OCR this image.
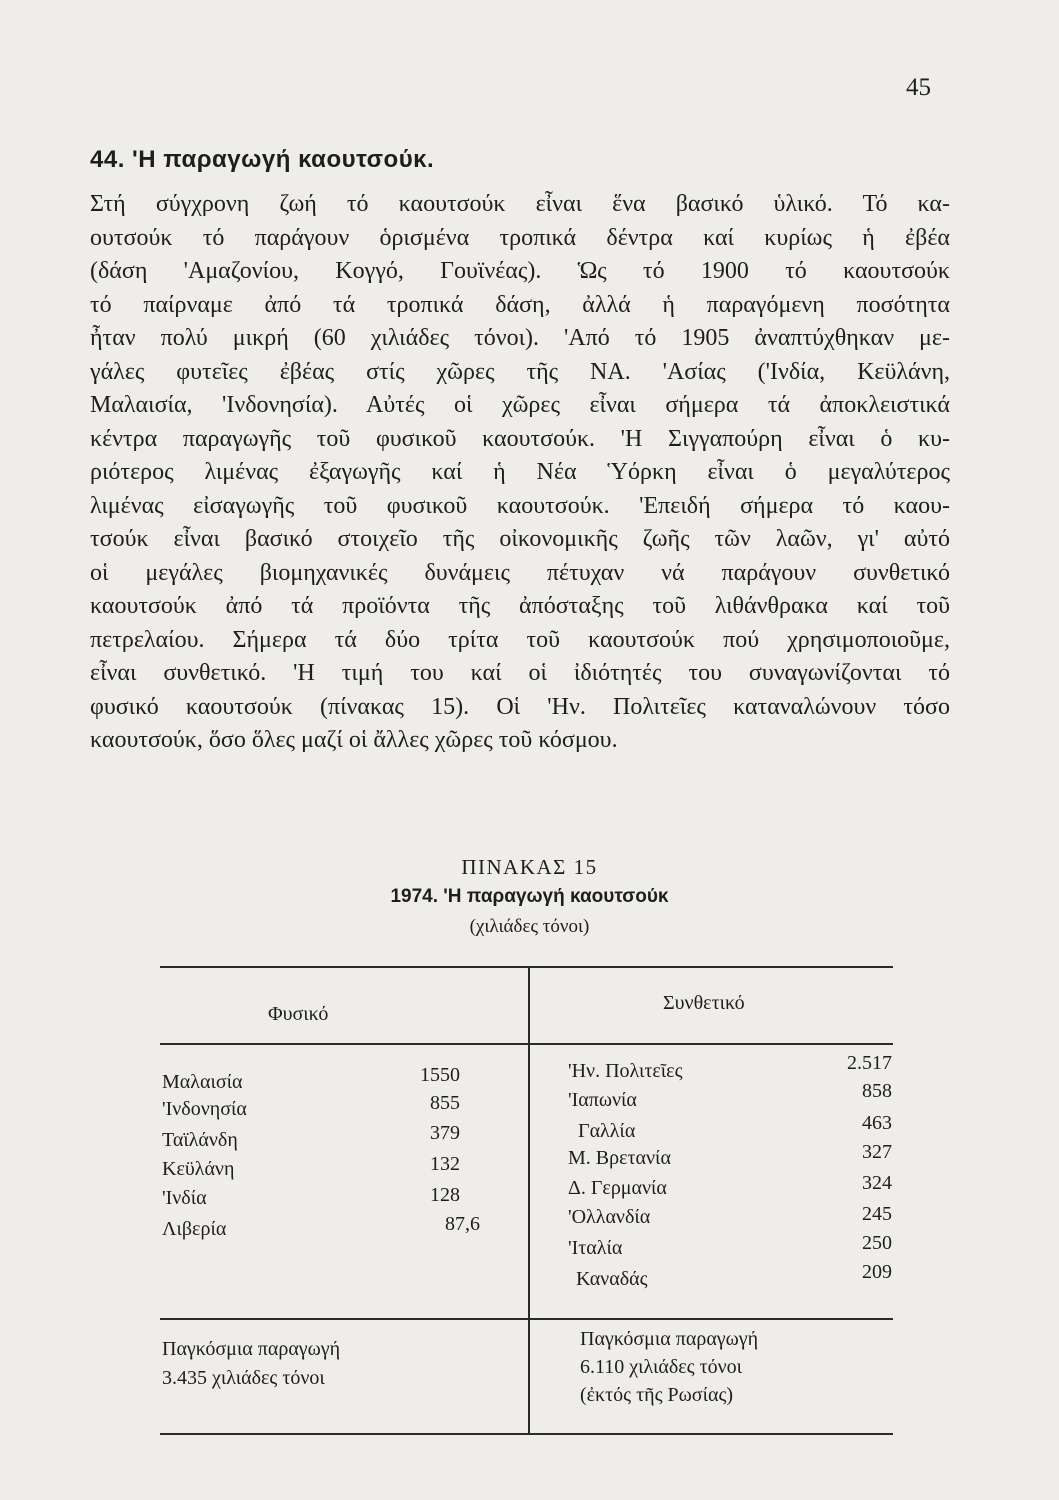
45
44. 'Η παραγωγή καουτσούκ.
Στή σύγχρονη ζωή τό καουτσούκ εἶναι ἕνα βασικό ὑλικό. Τό κα-
ουτσούκ τό παράγουν ὁρισμένα τροπικά δέντρα καί κυρίως ἡ ἐβέα
(δάση 'Αμαζονίου, Κογγό, Γουϊνέας). Ὡς τό 1900 τό καουτσούκ
τό παίρναμε ἀπό τά τροπικά δάση, ἀλλά ἡ παραγόμενη ποσότητα
ἦταν πολύ μικρή (60 χιλιάδες τόνοι). 'Από τό 1905 ἀναπτύχθηκαν με-
γάλες φυτεῖες ἐβέας στίς χῶρες τῆς ΝΑ. 'Ασίας ('Ινδία, Κεϋλάνη,
Μαλαισία, 'Ινδονησία). Αὐτές οἱ χῶρες εἶναι σήμερα τά ἀποκλειστικά
κέντρα παραγωγῆς τοῦ φυσικοῦ καουτσούκ. 'Η Σιγγαπούρη εἶναι ὁ κυ-
ριότερος λιμένας ἐξαγωγῆς καί ἡ Νέα Ὑόρκη εἶναι ὁ μεγαλύτερος
λιμένας εἰσαγωγῆς τοῦ φυσικοῦ καουτσούκ. 'Επειδή σήμερα τό καου-
τσούκ εἶναι βασικό στοιχεῖο τῆς οἰκονομικῆς ζωῆς τῶν λαῶν, γι' αὐτό
οἱ μεγάλες βιομηχανικές δυνάμεις πέτυχαν νά παράγουν συνθετικό
καουτσούκ ἀπό τά προϊόντα τῆς ἀπόσταξης τοῦ λιθάνθρακα καί τοῦ
πετρελαίου. Σήμερα τά δύο τρίτα τοῦ καουτσούκ πού χρησιμοποιοῦμε,
εἶναι συνθετικό. 'Η τιμή του καί οἱ ἰδιότητές του συναγωνίζονται τό
φυσικό καουτσούκ (πίνακας 15). Οἱ 'Ην. Πολιτεῖες καταναλώνουν τόσο
καουτσούκ, ὅσο ὅλες μαζί οἱ ἄλλες χῶρες τοῦ κόσμου.
ΠΙΝΑΚΑΣ 15
1974. 'Η παραγωγή καουτσούκ
(χιλιάδες τόνοι)
Φυσικό	Συνθετικό
Μαλαισία	1550
'Ινδονησία	855
Ταϊλάνδη	379
Κεϋλάνη	132
'Ινδία	128
Λιβερία	87,6
'Ην. Πολιτεῖες	2.517
'Ιαπωνία	858
Γαλλία	463
Μ. Βρετανία	327
Δ. Γερμανία	324
'Ολλανδία	245
'Ιταλία	250
Καναδάς	209
Παγκόσμια παραγωγή
3.435 χιλιάδες τόνοι
Παγκόσμια παραγωγή
6.110 χιλιάδες τόνοι
(ἐκτός τῆς Ρωσίας)
